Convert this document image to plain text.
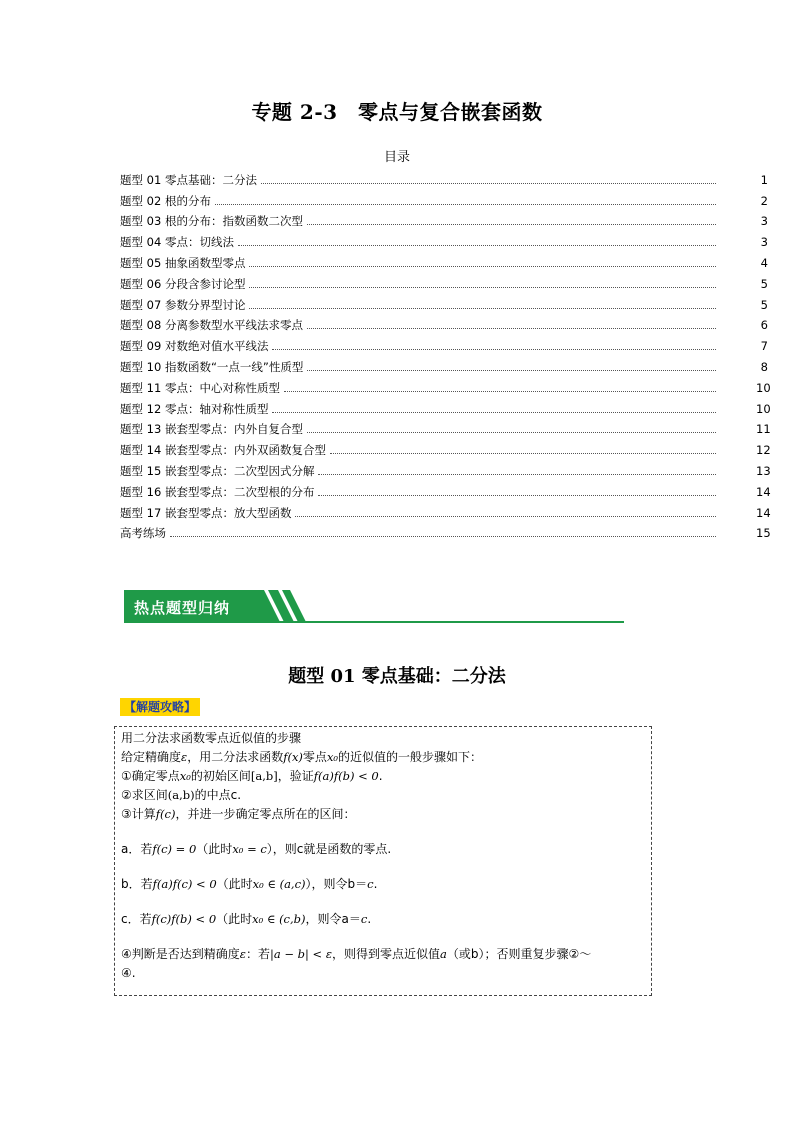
专题 2-3　零点与复合嵌套函数
目录
题型 01 零点基础：二分法	1
题型 02 根的分布	2
题型 03 根的分布：指数函数二次型	3
题型 04 零点：切线法	3
题型 05 抽象函数型零点	4
题型 06 分段含参讨论型	5
题型 07 参数分界型讨论	5
题型 08 分离参数型水平线法求零点	6
题型 09 对数绝对值水平线法	7
题型 10 指数函数“一点一线”性质型	8
题型 11 零点：中心对称性质型	10
题型 12 零点：轴对称性质型	10
题型 13 嵌套型零点：内外自复合型	11
题型 14 嵌套型零点：内外双函数复合型	12
题型 15 嵌套型零点：二次型因式分解	13
题型 16 嵌套型零点：二次型根的分布	14
题型 17 嵌套型零点：放大型函数	14
高考练场	15
热点题型归纳
题型 01 零点基础：二分法
【解题攻略】

用二分法求函数零点近似值的步骤

给定精确度ε，用二分法求函数f(x)零点x₀的近似值的一般步骤如下：

①确定零点x₀的初始区间[a,b]，验证f(a)f(b) < 0.

②求区间(a,b)的中点c.

③计算f(c)，并进一步确定零点所在的区间：

a．若f(c) = 0（此时x₀ = c），则c就是函数的零点.

b．若f(a)f(c) < 0（此时x₀ ∈ (a,c)），则令b＝c.

c．若f(c)f(b) < 0（此时x₀ ∈ (c,b)，则令a＝c.

④判断是否达到精确度ε：若|a − b| < ε，则得到零点近似值a（或b）；否则重复步骤②～

④.
